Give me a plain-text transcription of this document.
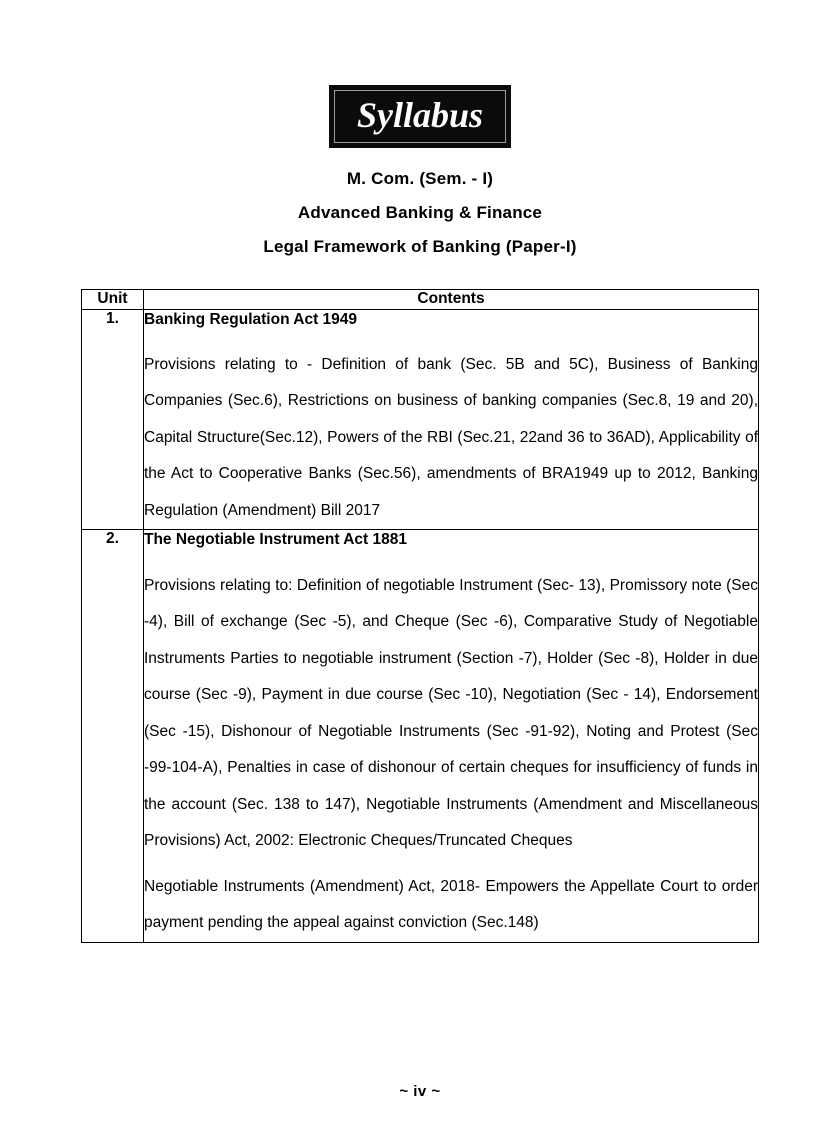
Syllabus
M. Com. (Sem. - I)
Advanced Banking & Finance
Legal Framework of Banking (Paper-I)
Unit	Contents
1.	Banking Regulation Act 1949

Provisions relating to - Definition of bank (Sec. 5B and 5C), Business of Banking Companies (Sec.6), Restrictions on business of banking companies (Sec.8, 19 and 20), Capital Structure(Sec.12), Powers of the RBI (Sec.21, 22and 36 to 36AD), Applicability of the Act to Cooperative Banks (Sec.56), amendments of BRA1949 up to 2012, Banking Regulation (Amendment) Bill 2017

2.	The Negotiable Instrument Act 1881

Provisions relating to: Definition of negotiable Instrument (Sec- 13), Promissory note (Sec -4), Bill of exchange (Sec -5), and Cheque (Sec -6), Comparative Study of Negotiable Instruments Parties to negotiable instrument (Section -7), Holder (Sec -8), Holder in due course (Sec -9), Payment in due course (Sec -10), Negotiation (Sec - 14), Endorsement (Sec -15), Dishonour of Negotiable Instruments (Sec -91-92), Noting and Protest (Sec -99-104-A), Penalties in case of dishonour of certain cheques for insufficiency of funds in the account (Sec. 138 to 147), Negotiable Instruments (Amendment and Miscellaneous Provisions) Act, 2002: Electronic Cheques/Truncated Cheques

Negotiable Instruments (Amendment) Act, 2018- Empowers the Appellate Court to order payment pending the appeal against conviction (Sec.148)

~ iv ~
